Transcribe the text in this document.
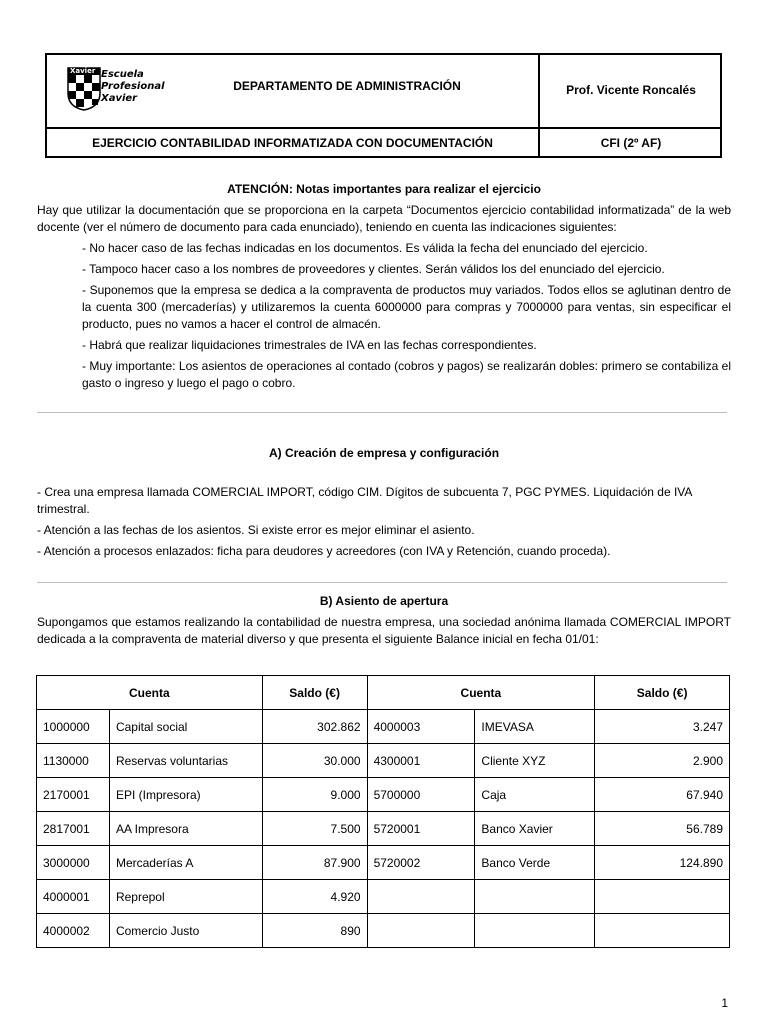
Escuela
Profesional
Xavier
Xavier
DEPARTAMENTO DE ADMINISTRACIÓN	Prof. Vicente Roncalés
EJERCICIO CONTABILIDAD INFORMATIZADA CON DOCUMENTACIÓN	CFI (2º AF)
ATENCIÓN: Notas importantes para realizar el ejercicio
Hay que utilizar la documentación que se proporciona en la carpeta “Documentos ejercicio contabilidad informatizada” de la web docente (ver el número de documento para cada enunciado), teniendo en cuenta las indicaciones siguientes:
- No hacer caso de las fechas indicadas en los documentos. Es válida la fecha del enunciado del ejercicio.
- Tampoco hacer caso a los nombres de proveedores y clientes. Serán válidos los del enunciado del ejercicio.
- Suponemos que la empresa se dedica a la compraventa de productos muy variados. Todos ellos se aglutinan dentro de la cuenta 300 (mercaderías) y utilizaremos la cuenta 6000000 para compras y 7000000 para ventas, sin especificar el producto, pues no vamos a hacer el control de almacén.
- Habrá que realizar liquidaciones trimestrales de IVA en las fechas correspondientes.
- Muy importante: Los asientos de operaciones al contado (cobros y pagos) se realizarán dobles: primero se contabiliza el gasto o ingreso y luego el pago o cobro.
A) Creación de empresa y configuración
- Crea una empresa llamada COMERCIAL IMPORT, código CIM. Dígitos de subcuenta 7, PGC PYMES. Liquidación de IVA trimestral.
- Atención a las fechas de los asientos. Si existe error es mejor eliminar el asiento.
- Atención a procesos enlazados: ficha para deudores y acreedores (con IVA y Retención, cuando proceda).
B) Asiento de apertura
Supongamos que estamos realizando la contabilidad de nuestra empresa, una sociedad anónima llamada COMERCIAL IMPORT dedicada a la compraventa de material diverso y que presenta el siguiente Balance inicial en fecha 01/01:
Cuenta		Saldo (€)	Cuenta		Saldo (€)
1000000	Capital social	302.862	4000003	IMEVASA	3.247
1130000	Reservas voluntarias	30.000	4300001	Cliente XYZ	2.900
2170001	EPI (Impresora)	9.000	5700000	Caja	67.940
2817001	AA Impresora	7.500	5720001	Banco Xavier	56.789
3000000	Mercaderías A	87.900	5720002	Banco Verde	124.890
4000001	Reprepol	4.920			
4000002	Comercio Justo	890			
1
